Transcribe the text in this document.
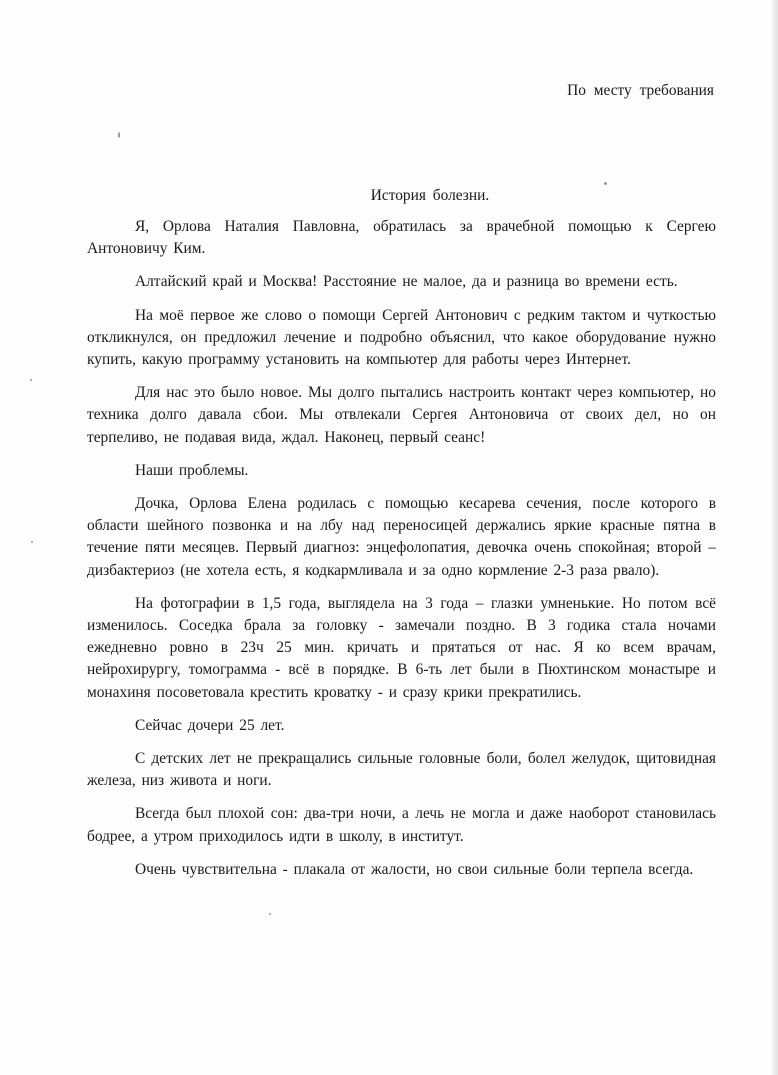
По месту требования
История болезни.

Я, Орлова Наталия Павловна, обратилась за врачебной помощью к Сергею Антоновичу Ким.

Алтайский край и Москва! Расстояние не малое, да и разница во времени есть.

На моё первое же слово о помощи Сергей Антонович с редким тактом и чуткостью откликнулся, он предложил лечение и подробно объяснил, что какое оборудование нужно купить, какую программу установить на компьютер для работы через Интернет.

Для нас это было новое. Мы долго пытались настроить контакт через компьютер, но техника долго давала сбои. Мы отвлекали Сергея Антоновича от своих дел, но он терпеливо, не подавая вида, ждал. Наконец, первый сеанс!

Наши проблемы.

Дочка, Орлова Елена родилась с помощью кесарева сечения, после которого в области шейного позвонка и на лбу над переносицей держались яркие красные пятна в течение пяти месяцев. Первый диагноз: энцефолопатия, девочка очень спокойная; второй – дизбактериоз (не хотела есть, я кодкармливала и за одно кормление 2-3 раза рвало).

На фотографии в 1,5 года, выглядела на 3 года – глазки умненькие. Но потом всё изменилось. Соседка брала за головку - замечали поздно. В 3 годика стала ночами ежедневно ровно в 23ч 25 мин. кричать и прятаться от нас. Я ко всем врачам, нейрохирургу, томограмма - всё в порядке. В 6-ть лет были в Пюхтинском монастыре и монахиня посоветовала крестить кроватку - и сразу крики прекратились.

Сейчас дочери 25 лет.

С детских лет не прекращались сильные головные боли, болел желудок, щитовидная железа, низ живота и ноги.

Всегда был плохой сон: два-три ночи, а лечь не могла и даже наоборот становилась бодрее, а утром приходилось идти в школу, в институт.

Очень чувствительна - плакала от жалости, но свои сильные боли терпела всегда.
